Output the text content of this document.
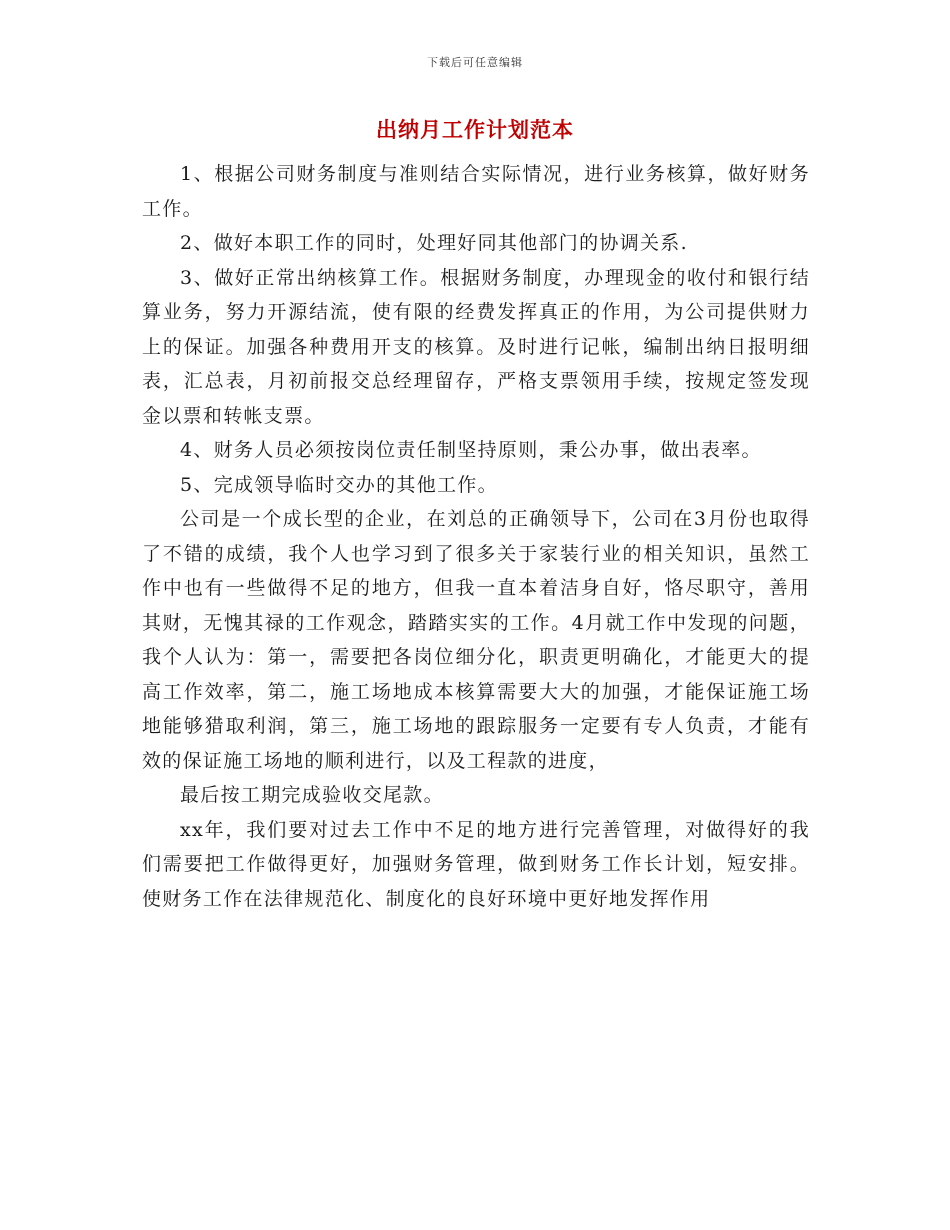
下载后可任意编辑
出纳月工作计划范本

1、根据公司财务制度与准则结合实际情况，进行业务核算，做好财务工作。

2、做好本职工作的同时，处理好同其他部门的协调关系.

3、做好正常出纳核算工作。根据财务制度，办理现金的收付和银行结算业务，努力开源结流，使有限的经费发挥真正的作用，为公司提供财力上的保证。加强各种费用开支的核算。及时进行记帐，编制出纳日报明细表，汇总表，月初前报交总经理留存，严格支票领用手续，按规定签发现金以票和转帐支票。

4、财务人员必须按岗位责任制坚持原则，秉公办事，做出表率。

5、完成领导临时交办的其他工作。

公司是一个成长型的企业，在刘总的正确领导下，公司在3月份也取得了不错的成绩，我个人也学习到了很多关于家装行业的相关知识，虽然工作中也有一些做得不足的地方，但我一直本着洁身自好，恪尽职守，善用其财，无愧其禄的工作观念，踏踏实实的工作。4月就工作中发现的问题，我个人认为：第一，需要把各岗位细分化，职责更明确化，才能更大的提高工作效率，第二，施工场地成本核算需要大大的加强，才能保证施工场地能够猎取利润，第三，施工场地的跟踪服务一定要有专人负责，才能有效的保证施工场地的顺利进行，以及工程款的进度，

最后按工期完成验收交尾款。

xx年，我们要对过去工作中不足的地方进行完善管理，对做得好的我们需要把工作做得更好，加强财务管理，做到财务工作长计划，短安排。使财务工作在法律规范化、制度化的良好环境中更好地发挥作用
